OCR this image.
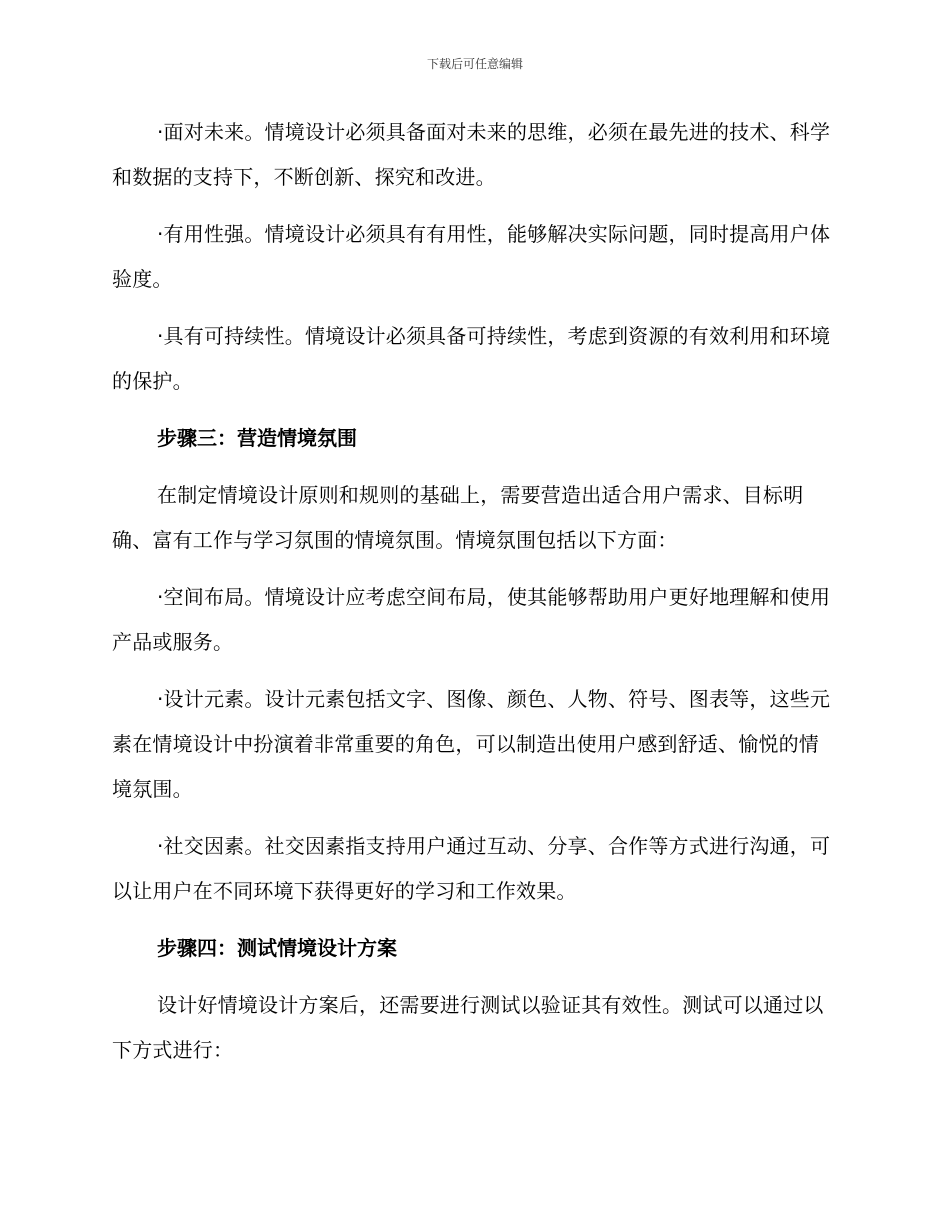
下载后可任意编辑

·面对未来。情境设计必须具备面对未来的思维，必须在最先进的技术、科学和数据的支持下，不断创新、探究和改进。

·有用性强。情境设计必须具有有用性，能够解决实际问题，同时提高用户体验度。

·具有可持续性。情境设计必须具备可持续性，考虑到资源的有效利用和环境的保护。

步骤三：营造情境氛围

在制定情境设计原则和规则的基础上，需要营造出适合用户需求、目标明确、富有工作与学习氛围的情境氛围。情境氛围包括以下方面：

·空间布局。情境设计应考虑空间布局，使其能够帮助用户更好地理解和使用产品或服务。

·设计元素。设计元素包括文字、图像、颜色、人物、符号、图表等，这些元素在情境设计中扮演着非常重要的角色，可以制造出使用户感到舒适、愉悦的情境氛围。

·社交因素。社交因素指支持用户通过互动、分享、合作等方式进行沟通，可以让用户在不同环境下获得更好的学习和工作效果。

步骤四：测试情境设计方案

设计好情境设计方案后，还需要进行测试以验证其有效性。测试可以通过以下方式进行：
